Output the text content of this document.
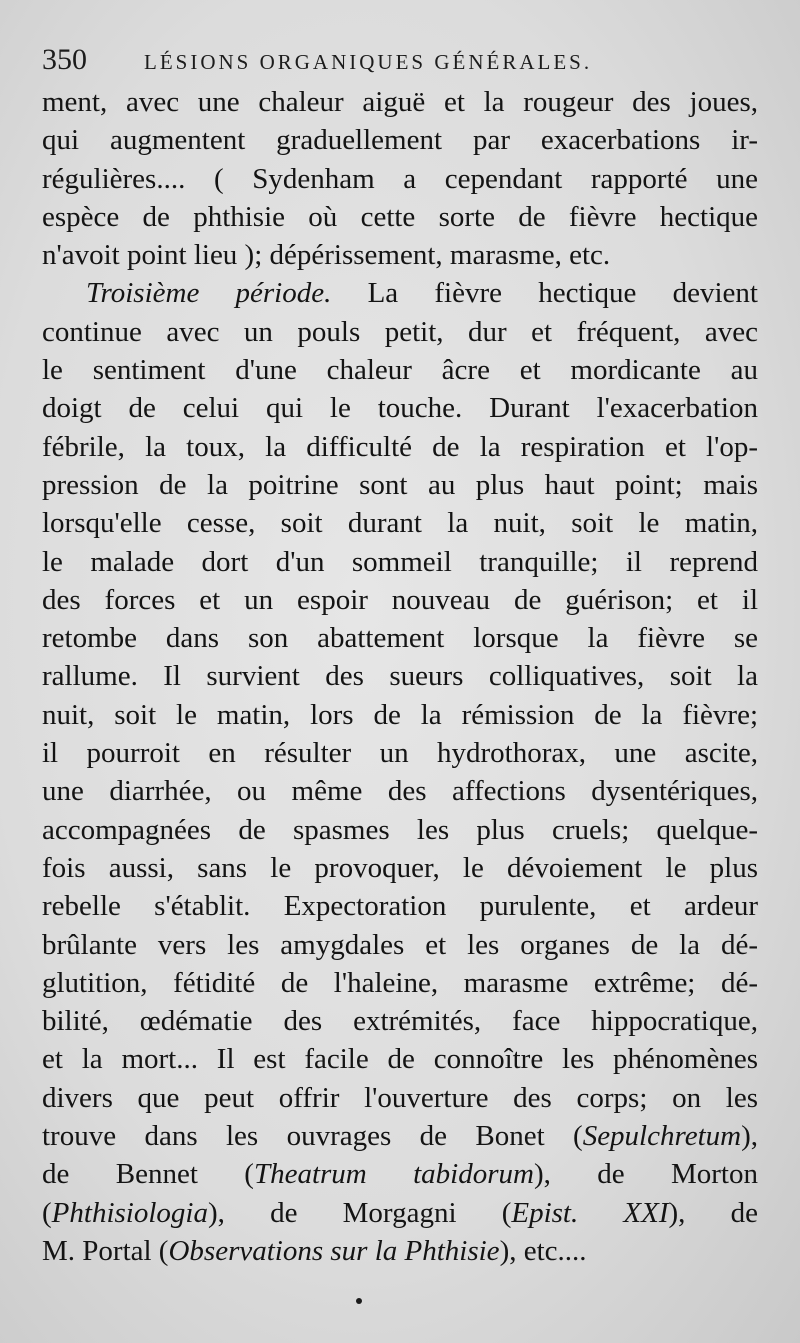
350	LÉSIONS ORGANIQUES GÉNÉRALES.
ment, avec une chaleur aiguë et la rougeur des joues,
qui augmentent graduellement par exacerbations ir-
régulières.... ( Sydenham a cependant rapporté une
espèce de phthisie où cette sorte de fièvre hectique
n'avoit point lieu ); dépérissement, marasme, etc.
Troisième période. La fièvre hectique devient
continue avec un pouls petit, dur et fréquent, avec
le sentiment d'une chaleur âcre et mordicante au
doigt de celui qui le touche. Durant l'exacerbation
fébrile, la toux, la difficulté de la respiration et l'op-
pression de la poitrine sont au plus haut point; mais
lorsqu'elle cesse, soit durant la nuit, soit le matin,
le malade dort d'un sommeil tranquille; il reprend
des forces et un espoir nouveau de guérison; et il
retombe dans son abattement lorsque la fièvre se
rallume. Il survient des sueurs colliquatives, soit la
nuit, soit le matin, lors de la rémission de la fièvre;
il pourroit en résulter un hydrothorax, une ascite,
une diarrhée, ou même des affections dysentériques,
accompagnées de spasmes les plus cruels; quelque-
fois aussi, sans le provoquer, le dévoiement le plus
rebelle s'établit. Expectoration purulente, et ardeur
brûlante vers les amygdales et les organes de la dé-
glutition, fétidité de l'haleine, marasme extrême; dé-
bilité, œdématie des extrémités, face hippocratique,
et la mort... Il est facile de connoître les phénomènes
divers que peut offrir l'ouverture des corps; on les
trouve dans les ouvrages de Bonet (Sepulchretum),
de Bennet (Theatrum tabidorum), de Morton
(Phthisiologia), de Morgagni (Epist. XXI), de
M. Portal (Observations sur la Phthisie), etc....
